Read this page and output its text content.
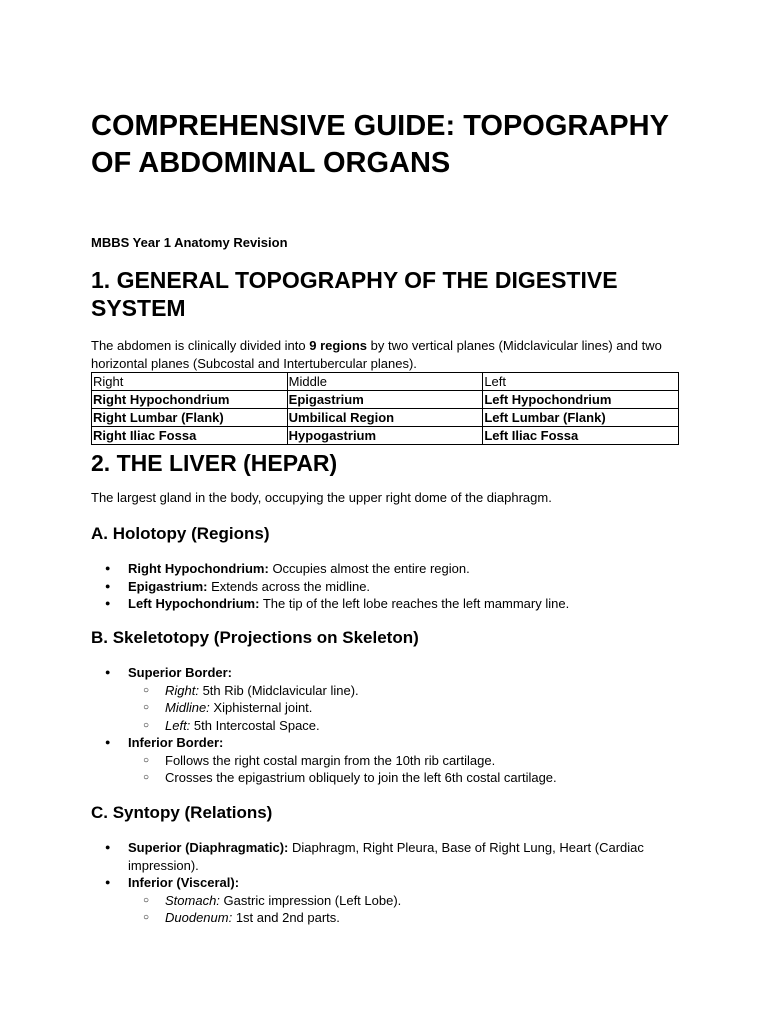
COMPREHENSIVE GUIDE: TOPOGRAPHY OF ABDOMINAL ORGANS

MBBS Year 1 Anatomy Revision

1. GENERAL TOPOGRAPHY OF THE DIGESTIVE SYSTEM

The abdomen is clinically divided into 9 regions by two vertical planes (Midclavicular lines) and two horizontal planes (Subcostal and Intertubercular planes).

Right	Middle	Left
Right Hypochondrium	Epigastrium	Left Hypochondrium
Right Lumbar (Flank)	Umbilical Region	Left Lumbar (Flank)
Right Iliac Fossa	Hypogastrium	Left Iliac Fossa
2. THE LIVER (HEPAR)

The largest gland in the body, occupying the upper right dome of the diaphragm.

A. Holotopy (Regions)
● Right Hypochondrium: Occupies almost the entire region.
● Epigastrium: Extends across the midline.
● Left Hypochondrium: The tip of the left lobe reaches the left mammary line.
B. Skeletotopy (Projections on Skeleton)
● Superior Border:
○ Right: 5th Rib (Midclavicular line).
○ Midline: Xiphisternal joint.
○ Left: 5th Intercostal Space.
● Inferior Border:
○ Follows the right costal margin from the 10th rib cartilage.
○ Crosses the epigastrium obliquely to join the left 6th costal cartilage.
C. Syntopy (Relations)
● Superior (Diaphragmatic): Diaphragm, Right Pleura, Base of Right Lung, Heart (Cardiac impression).
● Inferior (Visceral):
○ Stomach: Gastric impression (Left Lobe).
○ Duodenum: 1st and 2nd parts.
